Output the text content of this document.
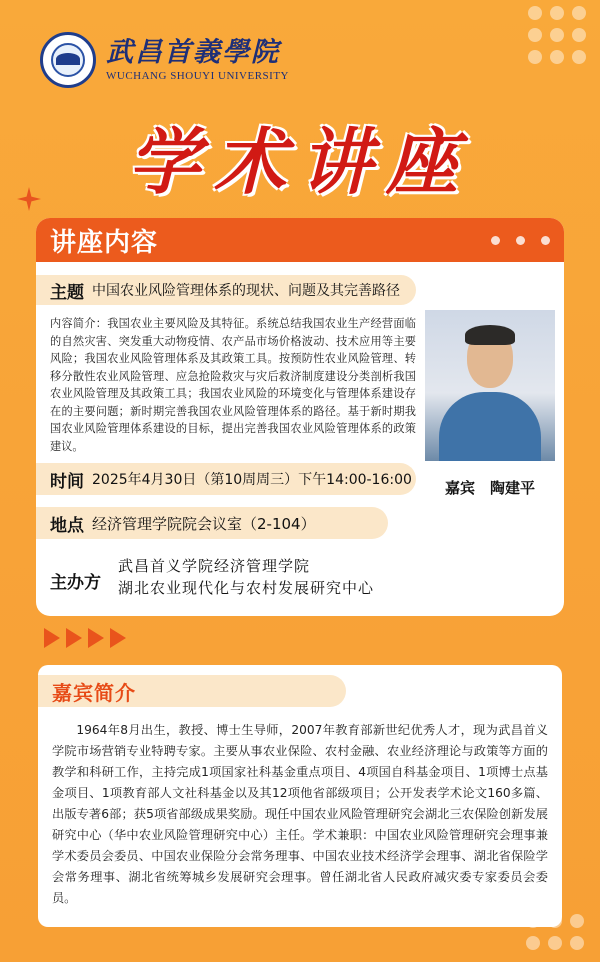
武昌首義學院
WUCHANG SHOUYI UNIVERSITY
学术讲座
讲座内容
主题 中国农业风险管理体系的现状、问题及其完善路径
内容简介：我国农业主要风险及其特征。系统总结我国农业生产经营面临的自然灾害、突发重大动物疫情、农产品市场价格波动、技术应用等主要风险；我国农业风险管理体系及其政策工具。按预防性农业风险管理、转移分散性农业风险管理、应急抢险救灾与灾后救济制度建设分类剖析我国农业风险管理及其政策工具；我国农业风险的环境变化与管理体系建设存在的主要问题；新时期完善我国农业风险管理体系的路径。基于新时期我国农业风险管理体系建设的目标，提出完善我国农业风险管理体系的政策建议。
嘉宾　陶建平
时间 2025年4月30日（第10周周三）下午14:00-16:00
地点 经济管理学院院会议室（2-104）
主办方
武昌首义学院经济管理学院
湖北农业现代化与农村发展研究中心
嘉宾简介
1964年8月出生，教授、博士生导师，2007年教育部新世纪优秀人才，现为武昌首义学院市场营销专业特聘专家。主要从事农业保险、农村金融、农业经济理论与政策等方面的教学和科研工作，主持完成1项国家社科基金重点项目、4项国自科基金项目、1项博士点基金项目、1项教育部人文社科基金以及其12项他省部级项目；公开发表学术论文160多篇、出版专著6部；获5项省部级成果奖励。现任中国农业风险管理研究会湖北三农保险创新发展研究中心（华中农业风险管理研究中心）主任。学术兼职：中国农业风险管理研究会理事兼学术委员会委员、中国农业保险分会常务理事、中国农业技术经济学会理事、湖北省保险学会常务理事、湖北省统筹城乡发展研究会理事。曾任湖北省人民政府减灾委专家委员会委员。
